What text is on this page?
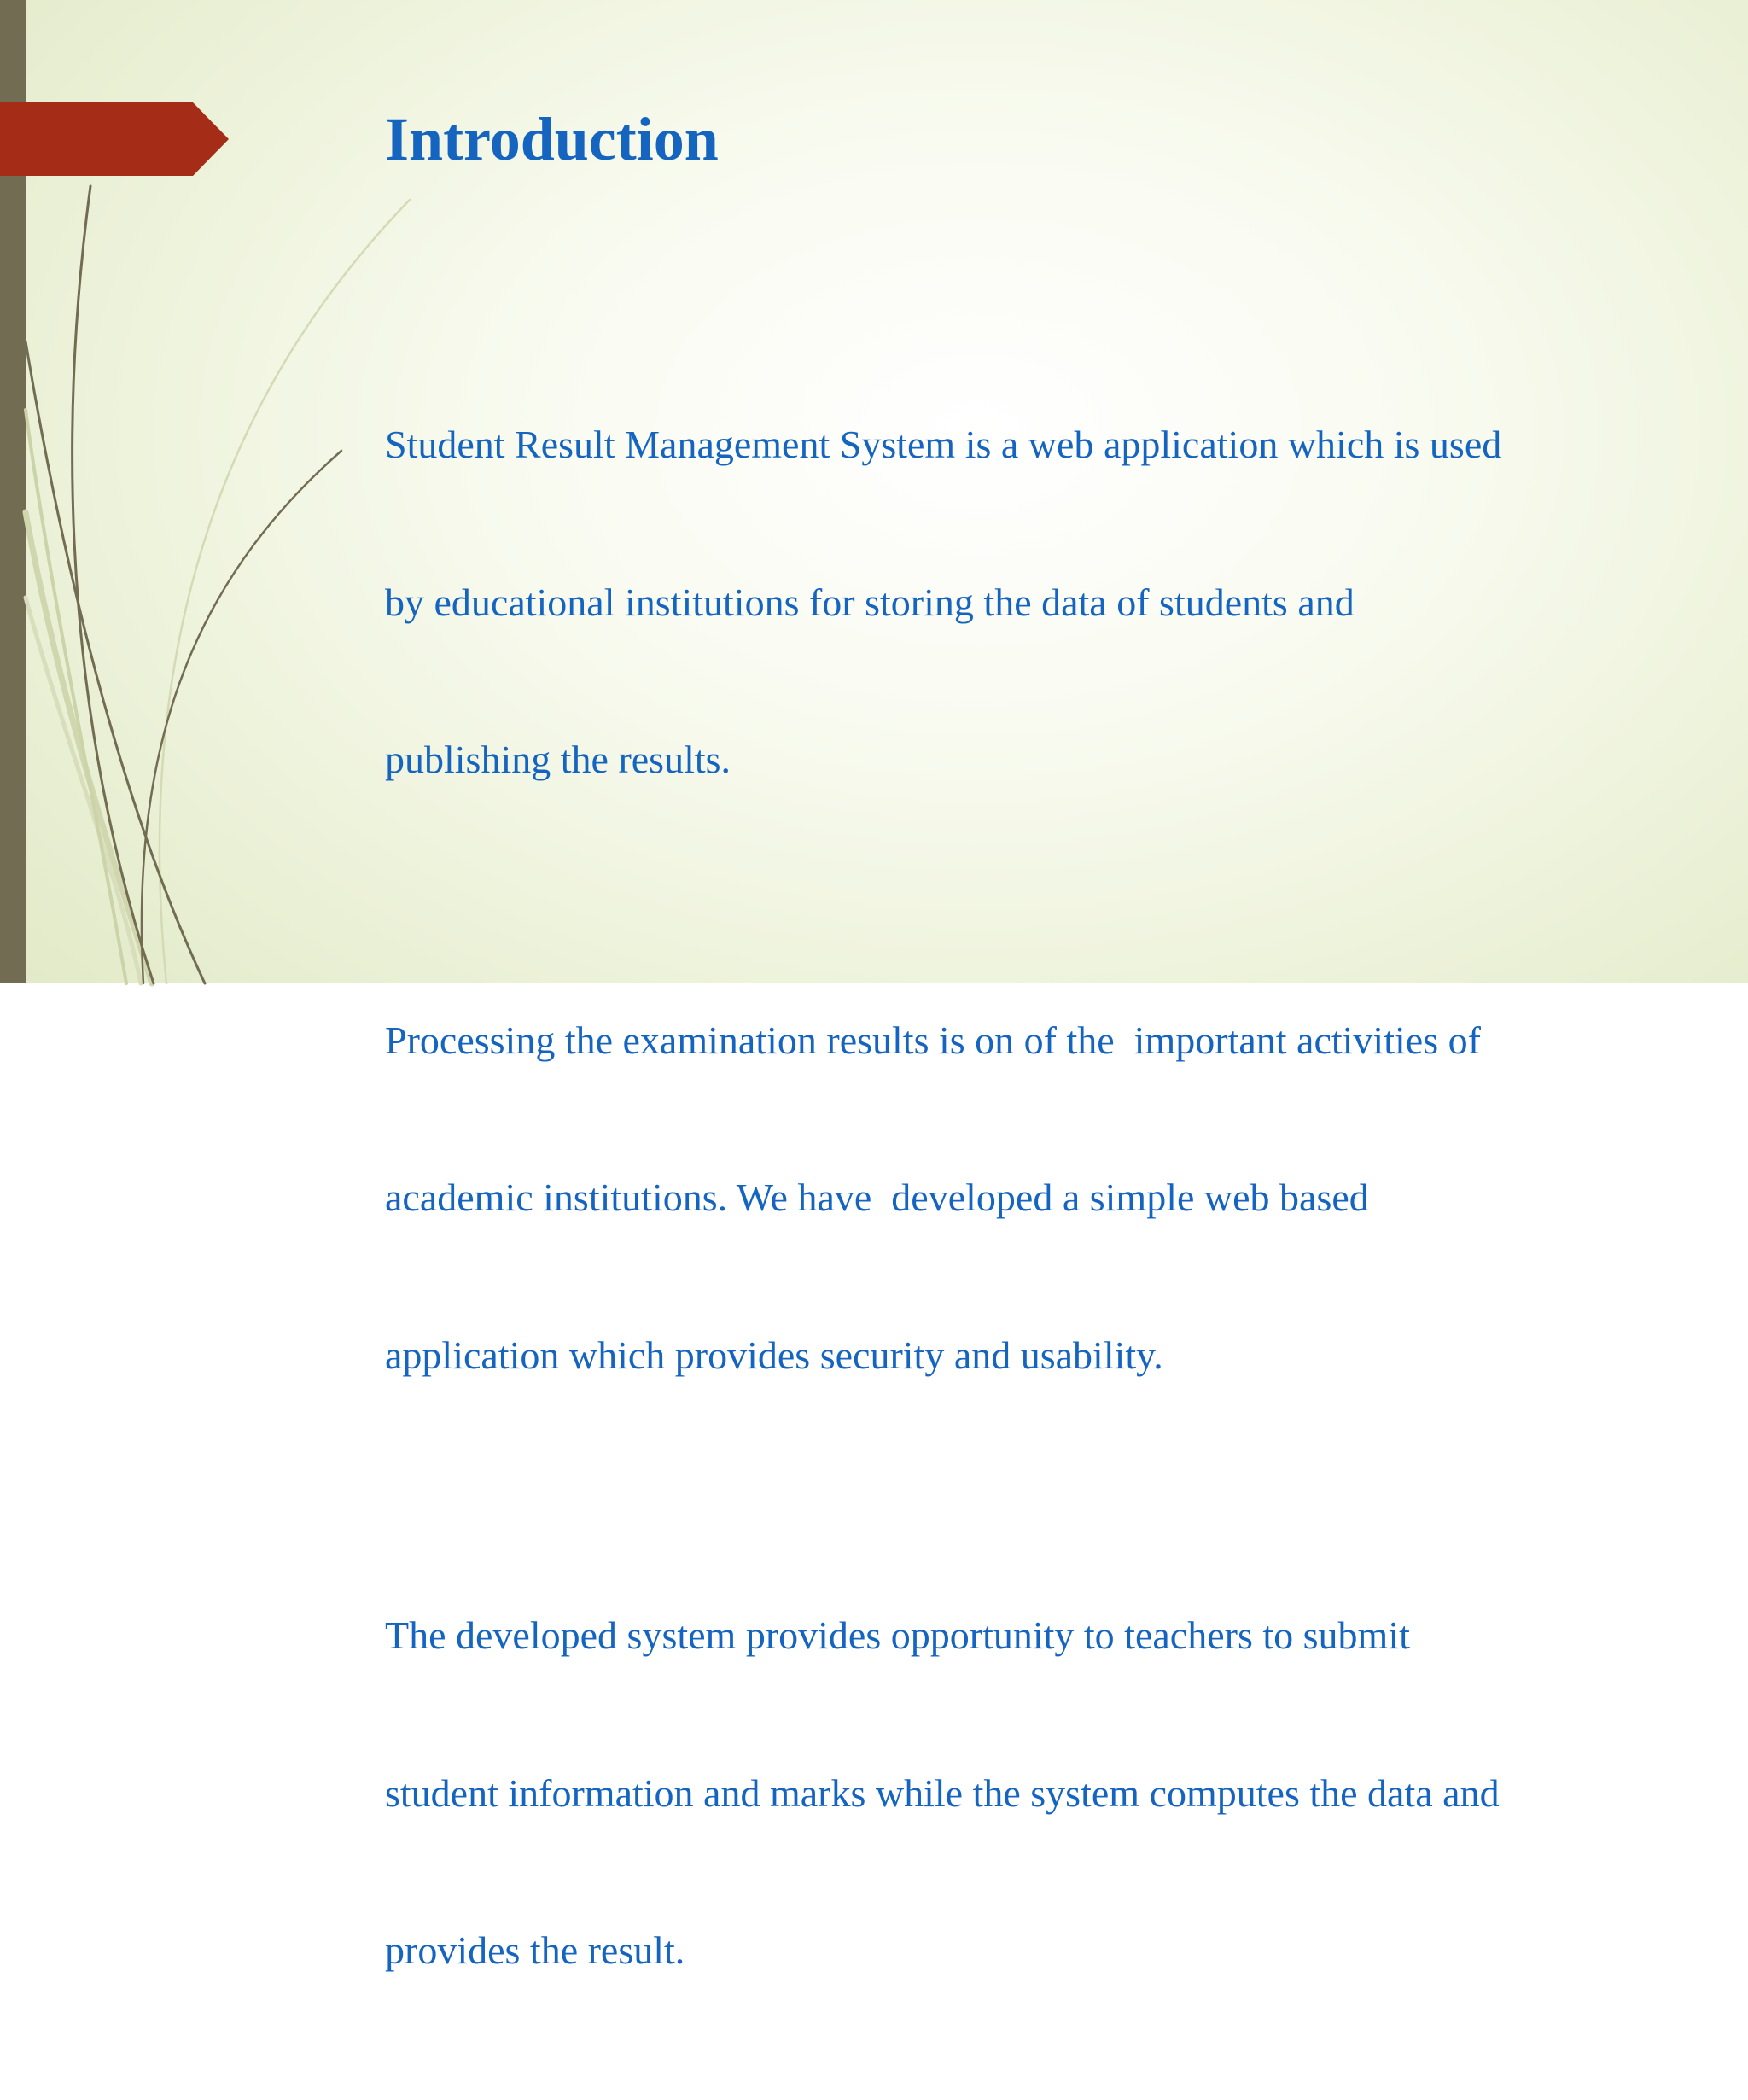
Introduction

Student Result Management System is a web application which is used

by educational institutions for storing the data of students and

publishing the results.

Processing the examination results is on of the  important activities of

academic institutions. We have  developed a simple web based

application which provides security and usability.

The developed system provides opportunity to teachers to submit

student information and marks while the system computes the data and

provides the result.
